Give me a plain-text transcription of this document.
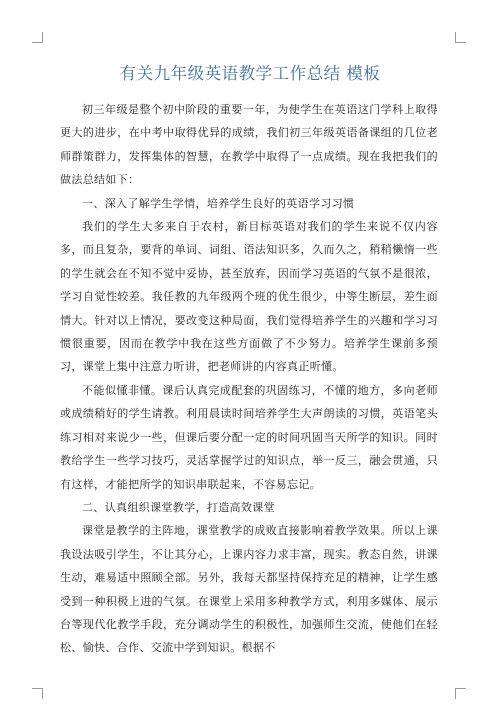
有关九年级英语教学工作总结 模板

初三年级是整个初中阶段的重要一年，为使学生在英语这门学科上取得更大的进步，在中考中取得优异的成绩，我们初三年级英语备课组的几位老师群策群力，发挥集体的智慧，在教学中取得了一点成绩。现在我把我们的做法总结如下：

一、深入了解学生学情，培养学生良好的英语学习习惯

我们的学生大多来自于农村，新目标英语对我们的学生来说不仅内容多，而且复杂，要背的单词、词组、语法知识多，久而久之，稍稍懒惰一些的学生就会在不知不觉中妥协，甚至放弃，因而学习英语的气氛不是很浓，学习自觉性较差。我任教的九年级两个班的优生很少，中等生断层，差生面情大。针对以上情况，要改变这种局面，我们觉得培养学生的兴趣和学习习惯很重要，因而在教学中我在这些方面做了不少努力。培养学生课前多预习，课堂上集中注意力听讲，把老师讲的内容真正听懂。

不能似懂非懂。课后认真完成配套的巩固练习，不懂的地方，多向老师或成绩稍好的学生请教。利用晨读时间培养学生大声朗读的习惯，英语笔头练习相对来说少一些，但课后要分配一定的时间巩固当天所学的知识。同时教给学生一些学习技巧，灵活掌握学过的知识点，举一反三，融会贯通，只有这样，才能把所学的知识串联起来，不容易忘记。

二、认真组织课堂教学，打造高效课堂

课堂是教学的主阵地，课堂教学的成败直接影响着教学效果。所以上课我设法吸引学生，不让其分心，上课内容力求丰富，现实。教态自然，讲课生动，难易适中照顾全部。另外，我每天都坚持保持充足的精神，让学生感受到一种积极上进的气氛。在课堂上采用多种教学方式，利用多媒体、展示台等现代化教学手段，充分调动学生的积极性，加强师生交流，使他们在轻松、愉快、合作、交流中学到知识。根据不
